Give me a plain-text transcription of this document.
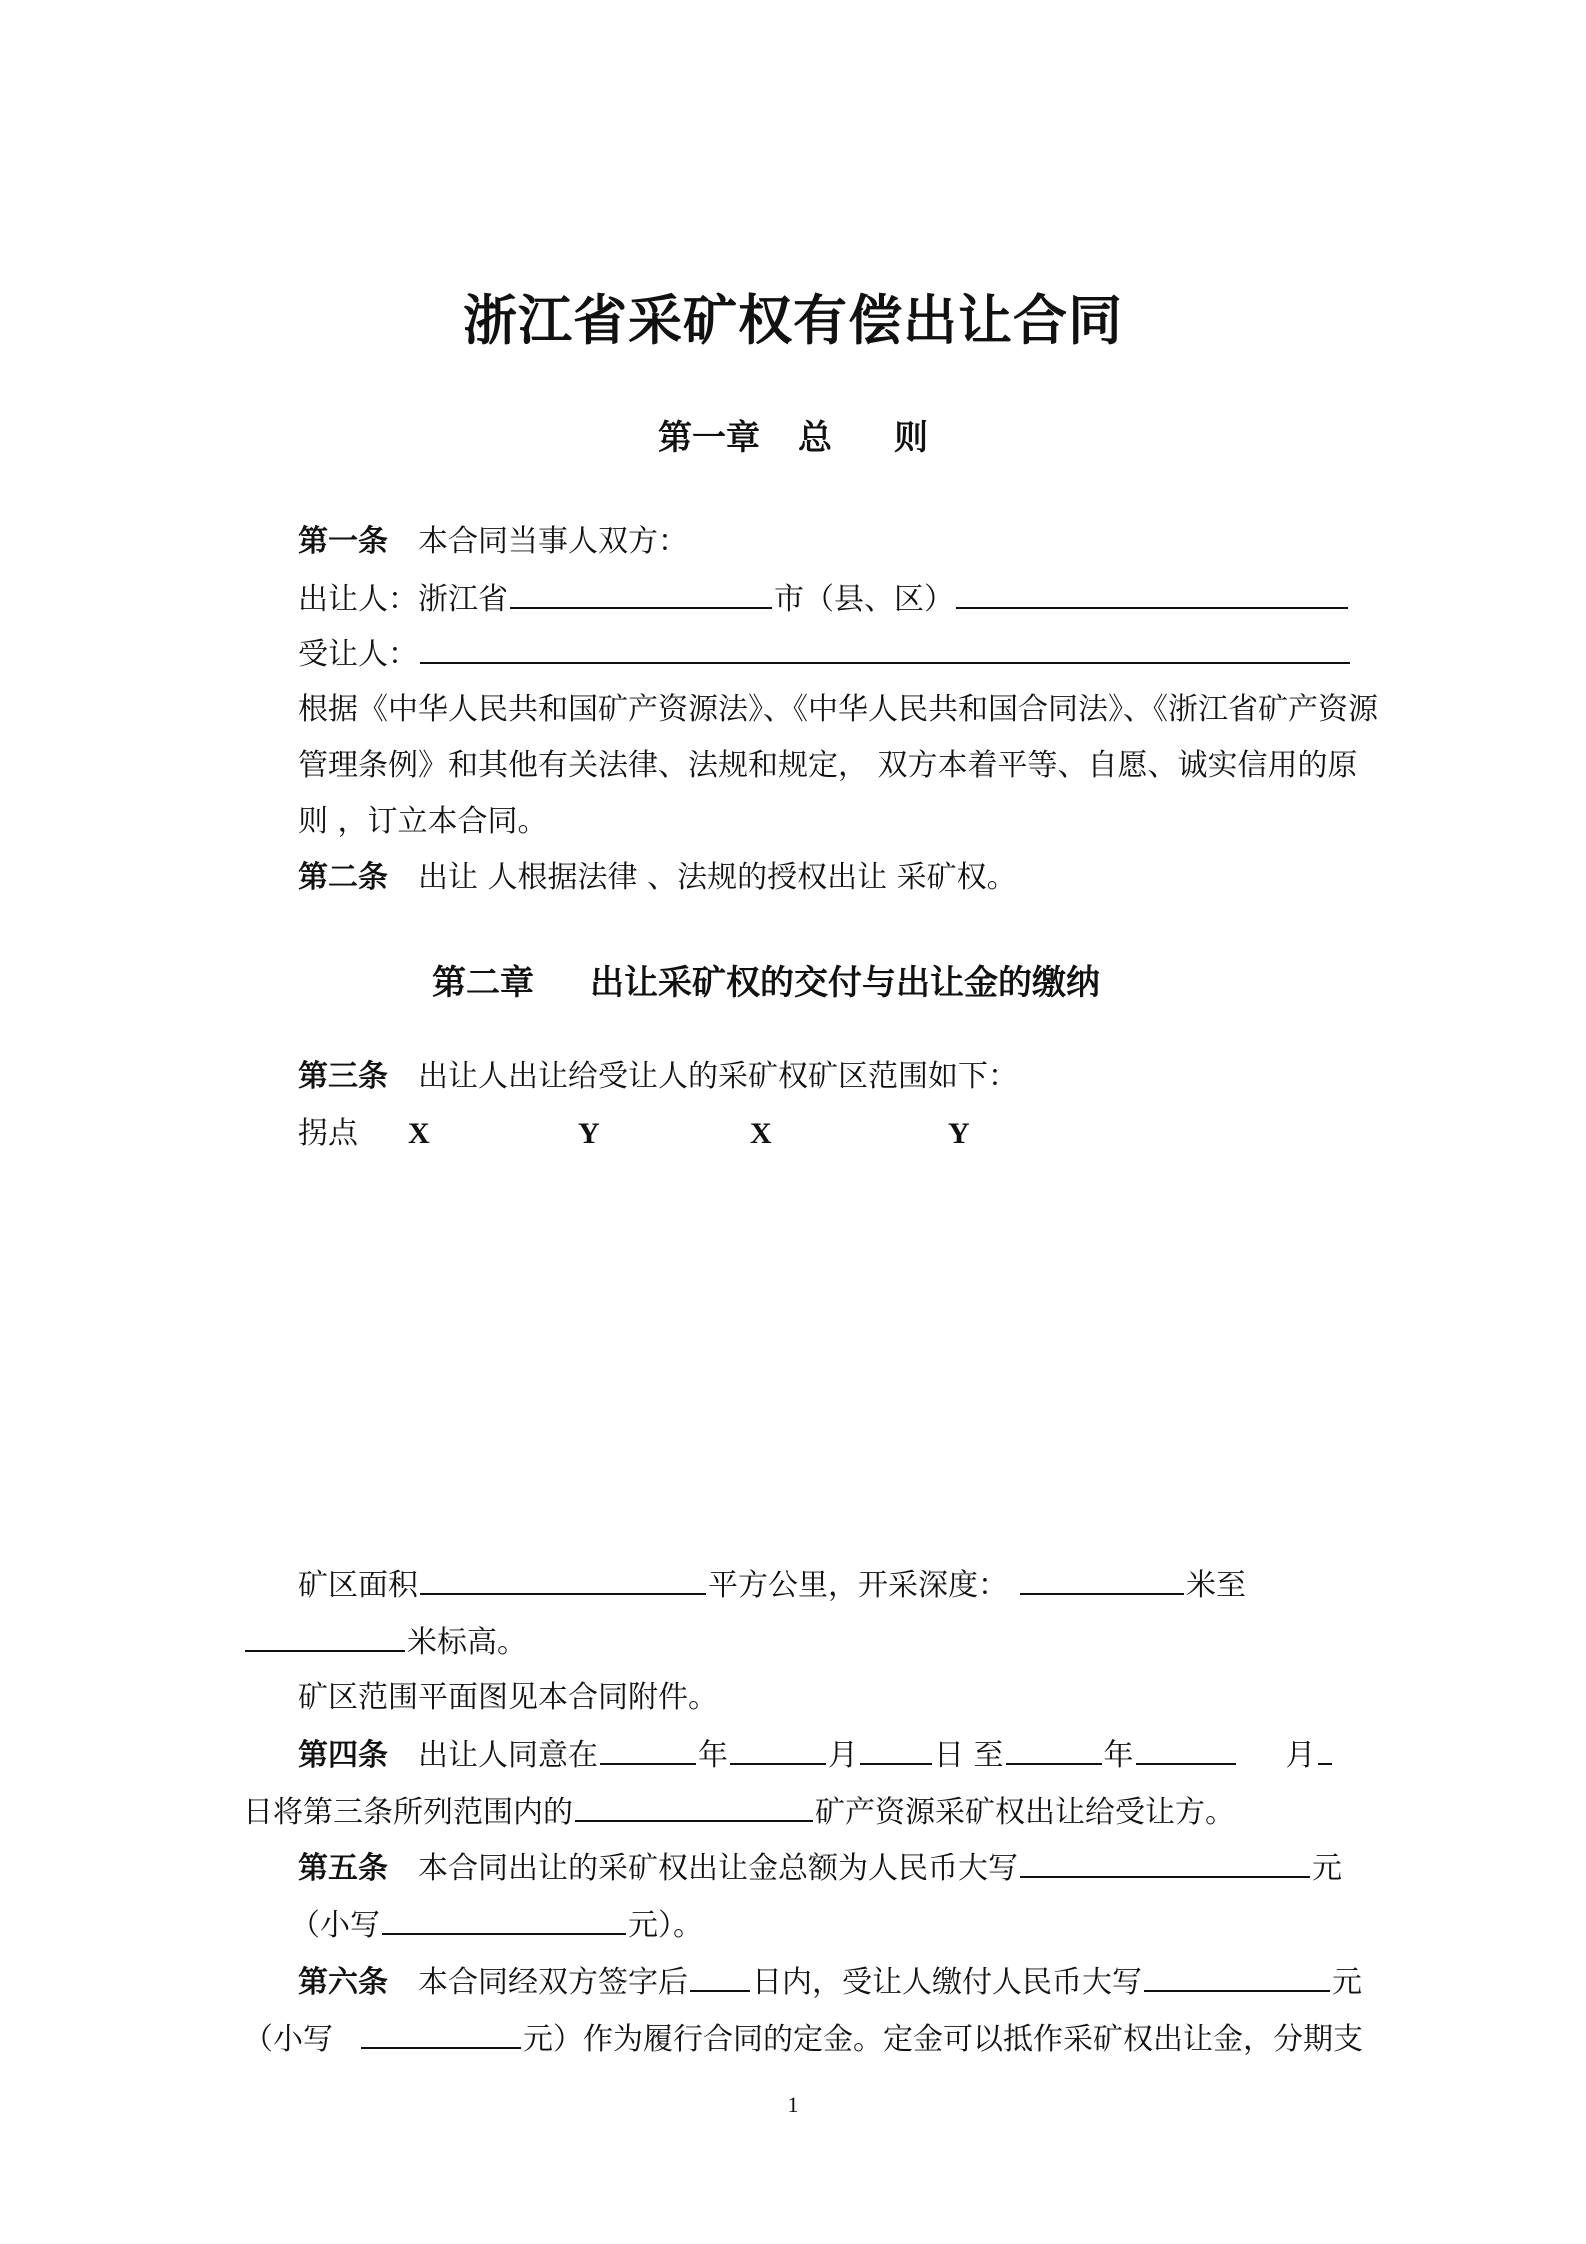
浙江省采矿权有偿出让合同
第一章 总 则
第一条 本合同当事人双方：
出让人：浙江省	市（县、区）
受让人：
根据《中华人民共和国矿产资源法》、《中华人民共和国合同法》、《浙江省矿产资源
管理条例》和其他有关法律、法规和规定， 双方本着平等、自愿、诚实信用的原
则 ，订立本合同。
第二条 出让 人根据法律 、法规的授权出让 采矿权。
第二章 出让采矿权的交付与出让金的缴纳
第三条 出让人出让给受让人的采矿权矿区范围如下：
拐点	X	Y	X	Y
矿区面积	平方公里，开采深度：	米至
米标高。
矿区范围平面图见本合同附件。
第四条 出让人同意在	年	月	日 至	年	月
日将第三条所列范围内的	矿产资源采矿权出让给受让方。
第五条 本合同出让的采矿权出让金总额为人民币大写	元
（小写	元）。
第六条 本合同经双方签字后 日内，受让人缴付人民币大写	元
（小写	元）作为履行合同的定金。定金可以抵作采矿权出让金，分期支
1
